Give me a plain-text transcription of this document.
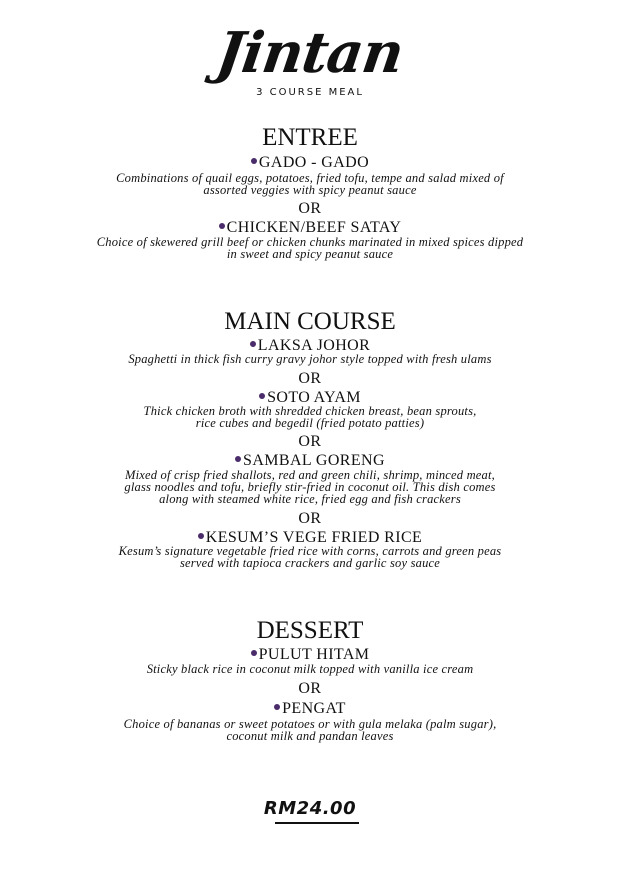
Jintan
3 COURSE MEAL
ENTREE
GADO - GADO
Combinations of quail eggs, potatoes, fried tofu, tempe and salad mixed of
assorted veggies with spicy peanut sauce
OR
CHICKEN/BEEF SATAY
Choice of skewered grill beef or chicken chunks marinated in mixed spices dipped
in sweet and spicy peanut sauce
MAIN COURSE
LAKSA JOHOR
Spaghetti in thick fish curry gravy johor style topped with fresh ulams
OR
SOTO AYAM
Thick chicken broth with shredded chicken breast, bean sprouts,
rice cubes and begedil (fried potato patties)
OR
SAMBAL GORENG
Mixed of crisp fried shallots, red and green chili, shrimp, minced meat,
glass noodles and tofu, briefly stir-fried in coconut oil. This dish comes
along with steamed white rice, fried egg and fish crackers
OR
KESUM’S VEGE FRIED RICE
Kesum’s signature vegetable fried rice with corns, carrots and green peas
served with tapioca crackers and garlic soy sauce
DESSERT
PULUT HITAM
Sticky black rice in coconut milk topped with vanilla ice cream
OR
PENGAT
Choice of bananas or sweet potatoes or with gula melaka (palm sugar),
coconut milk and pandan leaves
RM24.00
